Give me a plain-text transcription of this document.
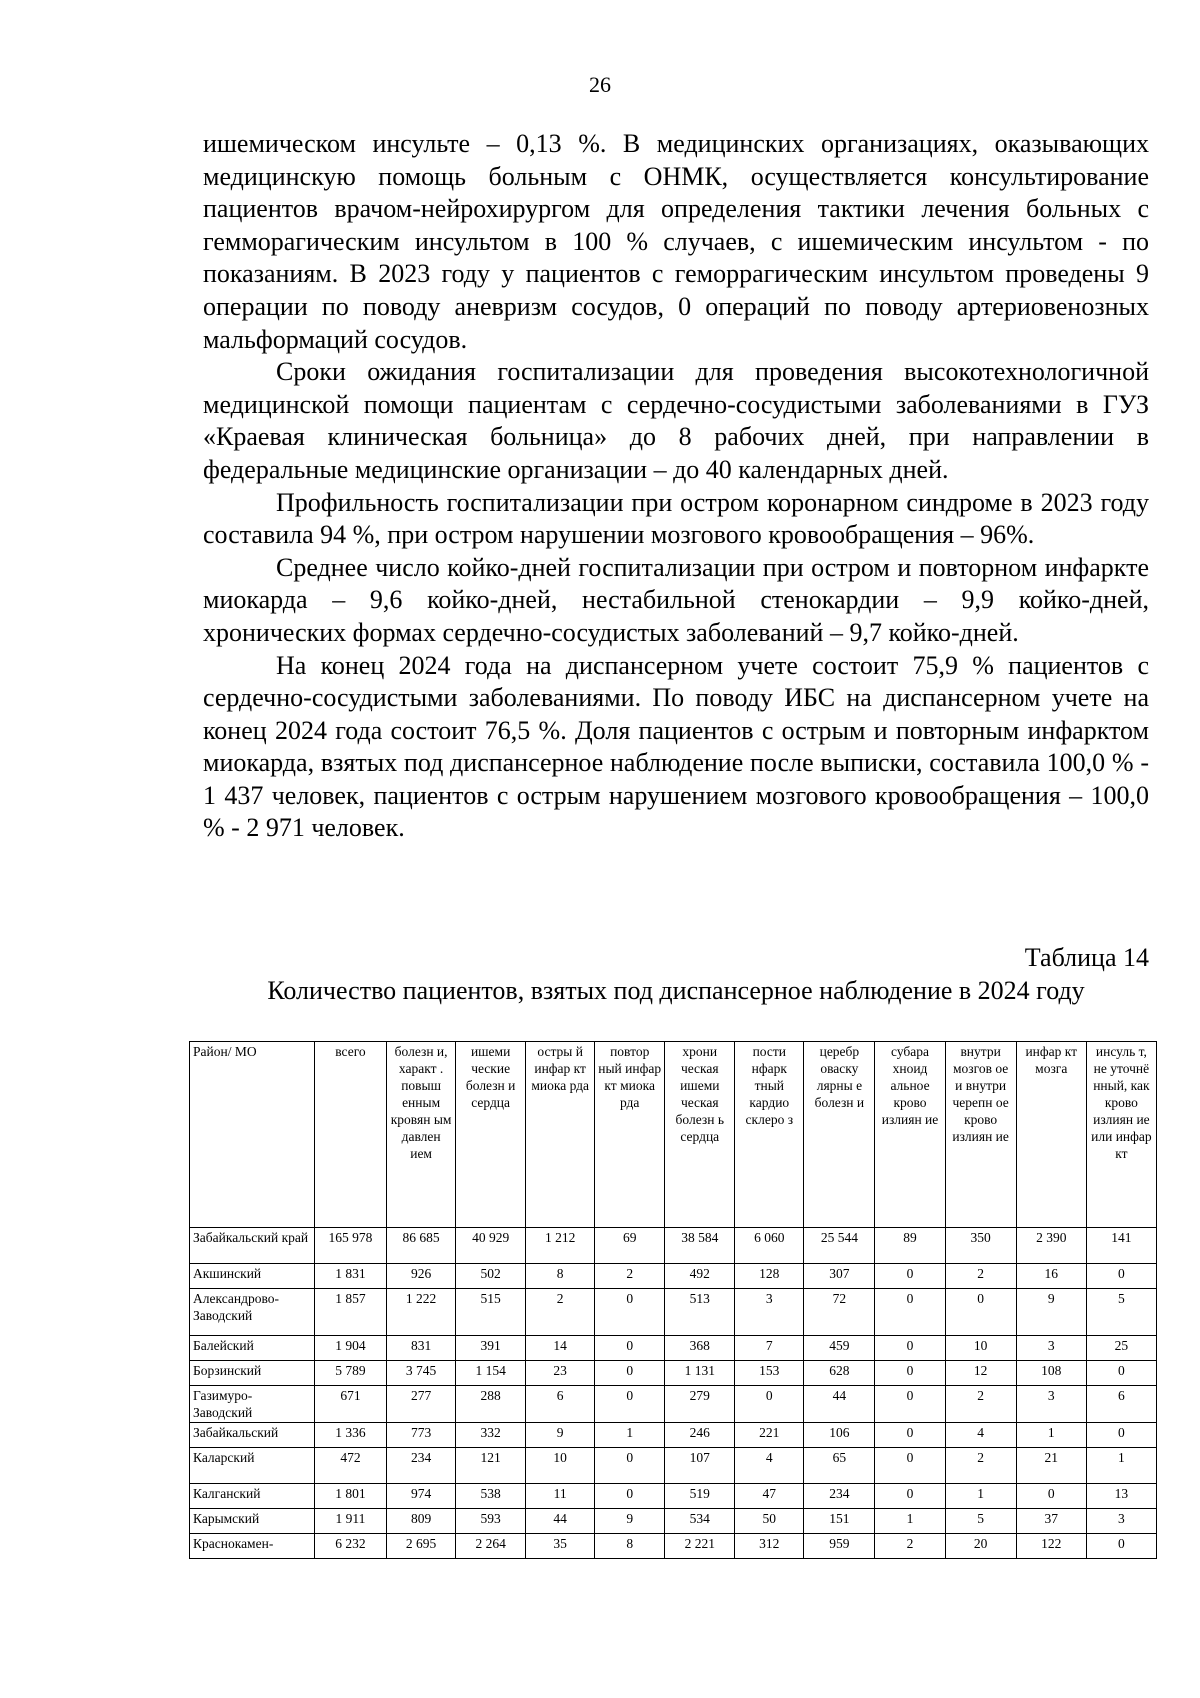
26

ишемическом инсульте – 0,13 %. В медицинских организациях, оказывающих медицинскую помощь больным с ОНМК, осуществляется консультирование пациентов врачом-нейрохирургом для определения тактики лечения больных с гемморагическим инсультом в 100 % случаев, с ишемическим инсультом - по показаниям. В 2023 году у пациентов с геморрагическим инсультом проведены 9 операции по поводу аневризм сосудов, 0 операций по поводу артериовенозных мальформаций сосудов.

Сроки ожидания госпитализации для проведения высокотехнологичной медицинской помощи пациентам с сердечно-сосудистыми заболеваниями в ГУЗ «Краевая клиническая больница» до 8 рабочих дней, при направлении в федеральные медицинские организации – до 40 календарных дней.

Профильность госпитализации при остром коронарном синдроме в 2023 году составила 94 %, при остром нарушении мозгового кровообращения – 96%.

Среднее число койко-дней госпитализации при остром и повторном инфаркте миокарда – 9,6 койко-дней, нестабильной стенокардии – 9,9 койко-дней, хронических формах сердечно-сосудистых заболеваний – 9,7 койко-дней.

На конец 2024 года на диспансерном учете состоит 75,9 % пациентов с сердечно-сосудистыми заболеваниями. По поводу ИБС на диспансерном учете на конец 2024 года состоит 76,5 %. Доля пациентов с острым и повторным инфарктом миокарда, взятых под диспансерное наблюдение после выписки, составила 100,0 % - 1 437 человек, пациентов с острым нарушением мозгового кровообращения – 100,0 % - 2 971 человек.

Таблица 14
Количество пациентов, взятых под диспансерное наблюдение в 2024 году
Район/ МО	всего	болезн и, характ . повыш енным кровян ым давлен ием	ишеми ческие болезн и сердца	остры й инфар кт миока рда	повтор ный инфар кт миока рда	хрони ческая ишеми ческая болезн ь сердца	пости нфарк тный кардио склеро з	церебр оваску лярны е болезн и	субара хноид альное крово излиян ие	внутри мозгов ое и внутри черепн ое крово излиян ие	инфар кт мозга	инсуль т, не уточнё нный, как крово излиян ие или инфар кт
Забайкальский край	165 978	86 685	40 929	1 212	69	38 584	6 060	25 544	89	350	2 390	141
Акшинский	1 831	926	502	8	2	492	128	307	0	2	16	0
Александрово-Заводский	1 857	1 222	515	2	0	513	3	72	0	0	9	5
Балейский	1 904	831	391	14	0	368	7	459	0	10	3	25
Борзинский	5 789	3 745	1 154	23	0	1 131	153	628	0	12	108	0
Газимуро-Заводский	671	277	288	6	0	279	0	44	0	2	3	6
Забайкальский	1 336	773	332	9	1	246	221	106	0	4	1	0
Каларский	472	234	121	10	0	107	4	65	0	2	21	1
Калганский	1 801	974	538	11	0	519	47	234	0	1	0	13
Карымский	1 911	809	593	44	9	534	50	151	1	5	37	3
Краснокамен-	6 232	2 695	2 264	35	8	2 221	312	959	2	20	122	0
